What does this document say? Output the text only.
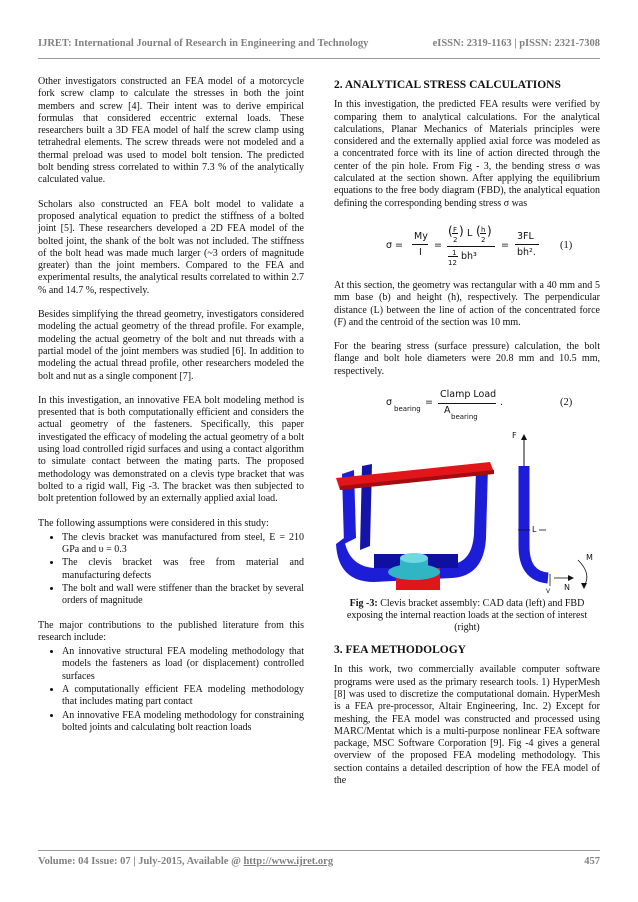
IJRET: International Journal of Research in Engineering and Technology	eISSN: 2319-1163 | pISSN: 2321-7308

Other investigators constructed an FEA model of a motorcycle fork screw clamp to calculate the stresses in both the joint members and screw [4]. Their intent was to derive empirical formulas that considered eccentric external loads. These researchers built a 3D FEA model of half the screw clamp using tetrahedral elements. The screw threads were not modeled and a thermal preload was used to model bolt tension. The predicted bolt bending stress correlated to within 7.3 % of the analytically calculated value.

Scholars also constructed an FEA bolt model to validate a proposed analytical equation to predict the stiffness of a bolted joint [5]. These researchers developed a 2D FEA model of the bolted joint, the shank of the bolt was not included. The stiffness of the bolt head was made much larger (~3 orders of magnitude greater) than the joint members. Compared to the FEA and experimental results, the analytical results correlated to within 2.7 % and 14.7 %, respectively.

Besides simplifying the thread geometry, investigators considered modeling the actual geometry of the thread profile. For example, modeling the actual geometry of the bolt and nut threads with a partial model of the joint members was studied [6]. In addition to modeling the actual thread profile, other researchers modeled the bolt and nut as a single component [7].

In this investigation, an innovative FEA bolt modeling method is presented that is both computationally efficient and considers the actual geometry of the fasteners. Specifically, this paper investigated the efficacy of modeling the actual geometry of a bolt using load controlled rigid surfaces and using a contact algorithm to simulate contact between the mating parts. The proposed methodology was demonstrated on a clevis type bracket that was bolted to a rigid wall, Fig -3. The bracket was then subjected to bolt pretention followed by an externally applied axial load.

The following assumptions were considered in this study:

• The clevis bracket was manufactured from steel, E = 210 GPa and υ = 0.3
• The clevis bracket was free from material and manufacturing defects
• The bolt and wall were stiffener than the bracket by several orders of magnitude

The major contributions to the published literature from this research include:

• An innovative structural FEA modeling methodology that models the fasteners as load (or displacement) controlled surfaces
• A computationally efficient FEA modeling methodology that includes mating part contact
• An innovative FEA modeling methodology for constraining bolted joints and calculating bolt reaction loads
2. ANALYTICAL STRESS CALCULATIONS

In this investigation, the predicted FEA results were verified by comparing them to analytical calculations. For the analytical calculations, Planar Mechanics of Materials principles were considered and the externally applied axial force was modeled as a concentrated force with its line of action directed through the center of the pin hole. From Fig - 3, the bending stress σ was calculated at the section shown. After applying the equilibrium equations to the free body diagram (FBD), the analytical equation defining the corresponding bending stress σ was

σ =
My
I
=
( F
2
) L ( h
2
)
1
12
bh³
=
3FL
bh².
(1)

At this section, the geometry was rectangular with a 40 mm and 5 mm base (b) and height (h), respectively. The perpendicular distance (L) between the line of action of the concentrated force (F) and the centroid of the section was 10 mm.

For the bearing stress (surface pressure) calculation, the bolt flange and bolt hole diameters were 20.8 mm and 10.5 mm, respectively.

σ
bearing
=
Clamp Load
A
bearing
.	(2)
F
L
M
N
V

Fig -3: Clevis bracket assembly: CAD data (left) and FBD exposing the internal reaction loads at the section of interest (right)

3. FEA METHODOLOGY

In this work, two commercially available computer software programs were used as the primary research tools. 1) HyperMesh [8] was used to discretize the computational domain. HyperMesh is a FEA pre-processor, Altair Engineering, Inc. 2) Except for meshing, the FEA model was constructed and processed using MARC/Mentat which is a multi-purpose nonlinear FEA software package, MSC Software Corporation [9]. Fig -4 gives a general overview of the proposed FEA modeling methodology. This section contains a detailed description of how the FEA model of the

Volume: 04 Issue: 07 | July-2015, Available @ http://www.ijret.org	457
